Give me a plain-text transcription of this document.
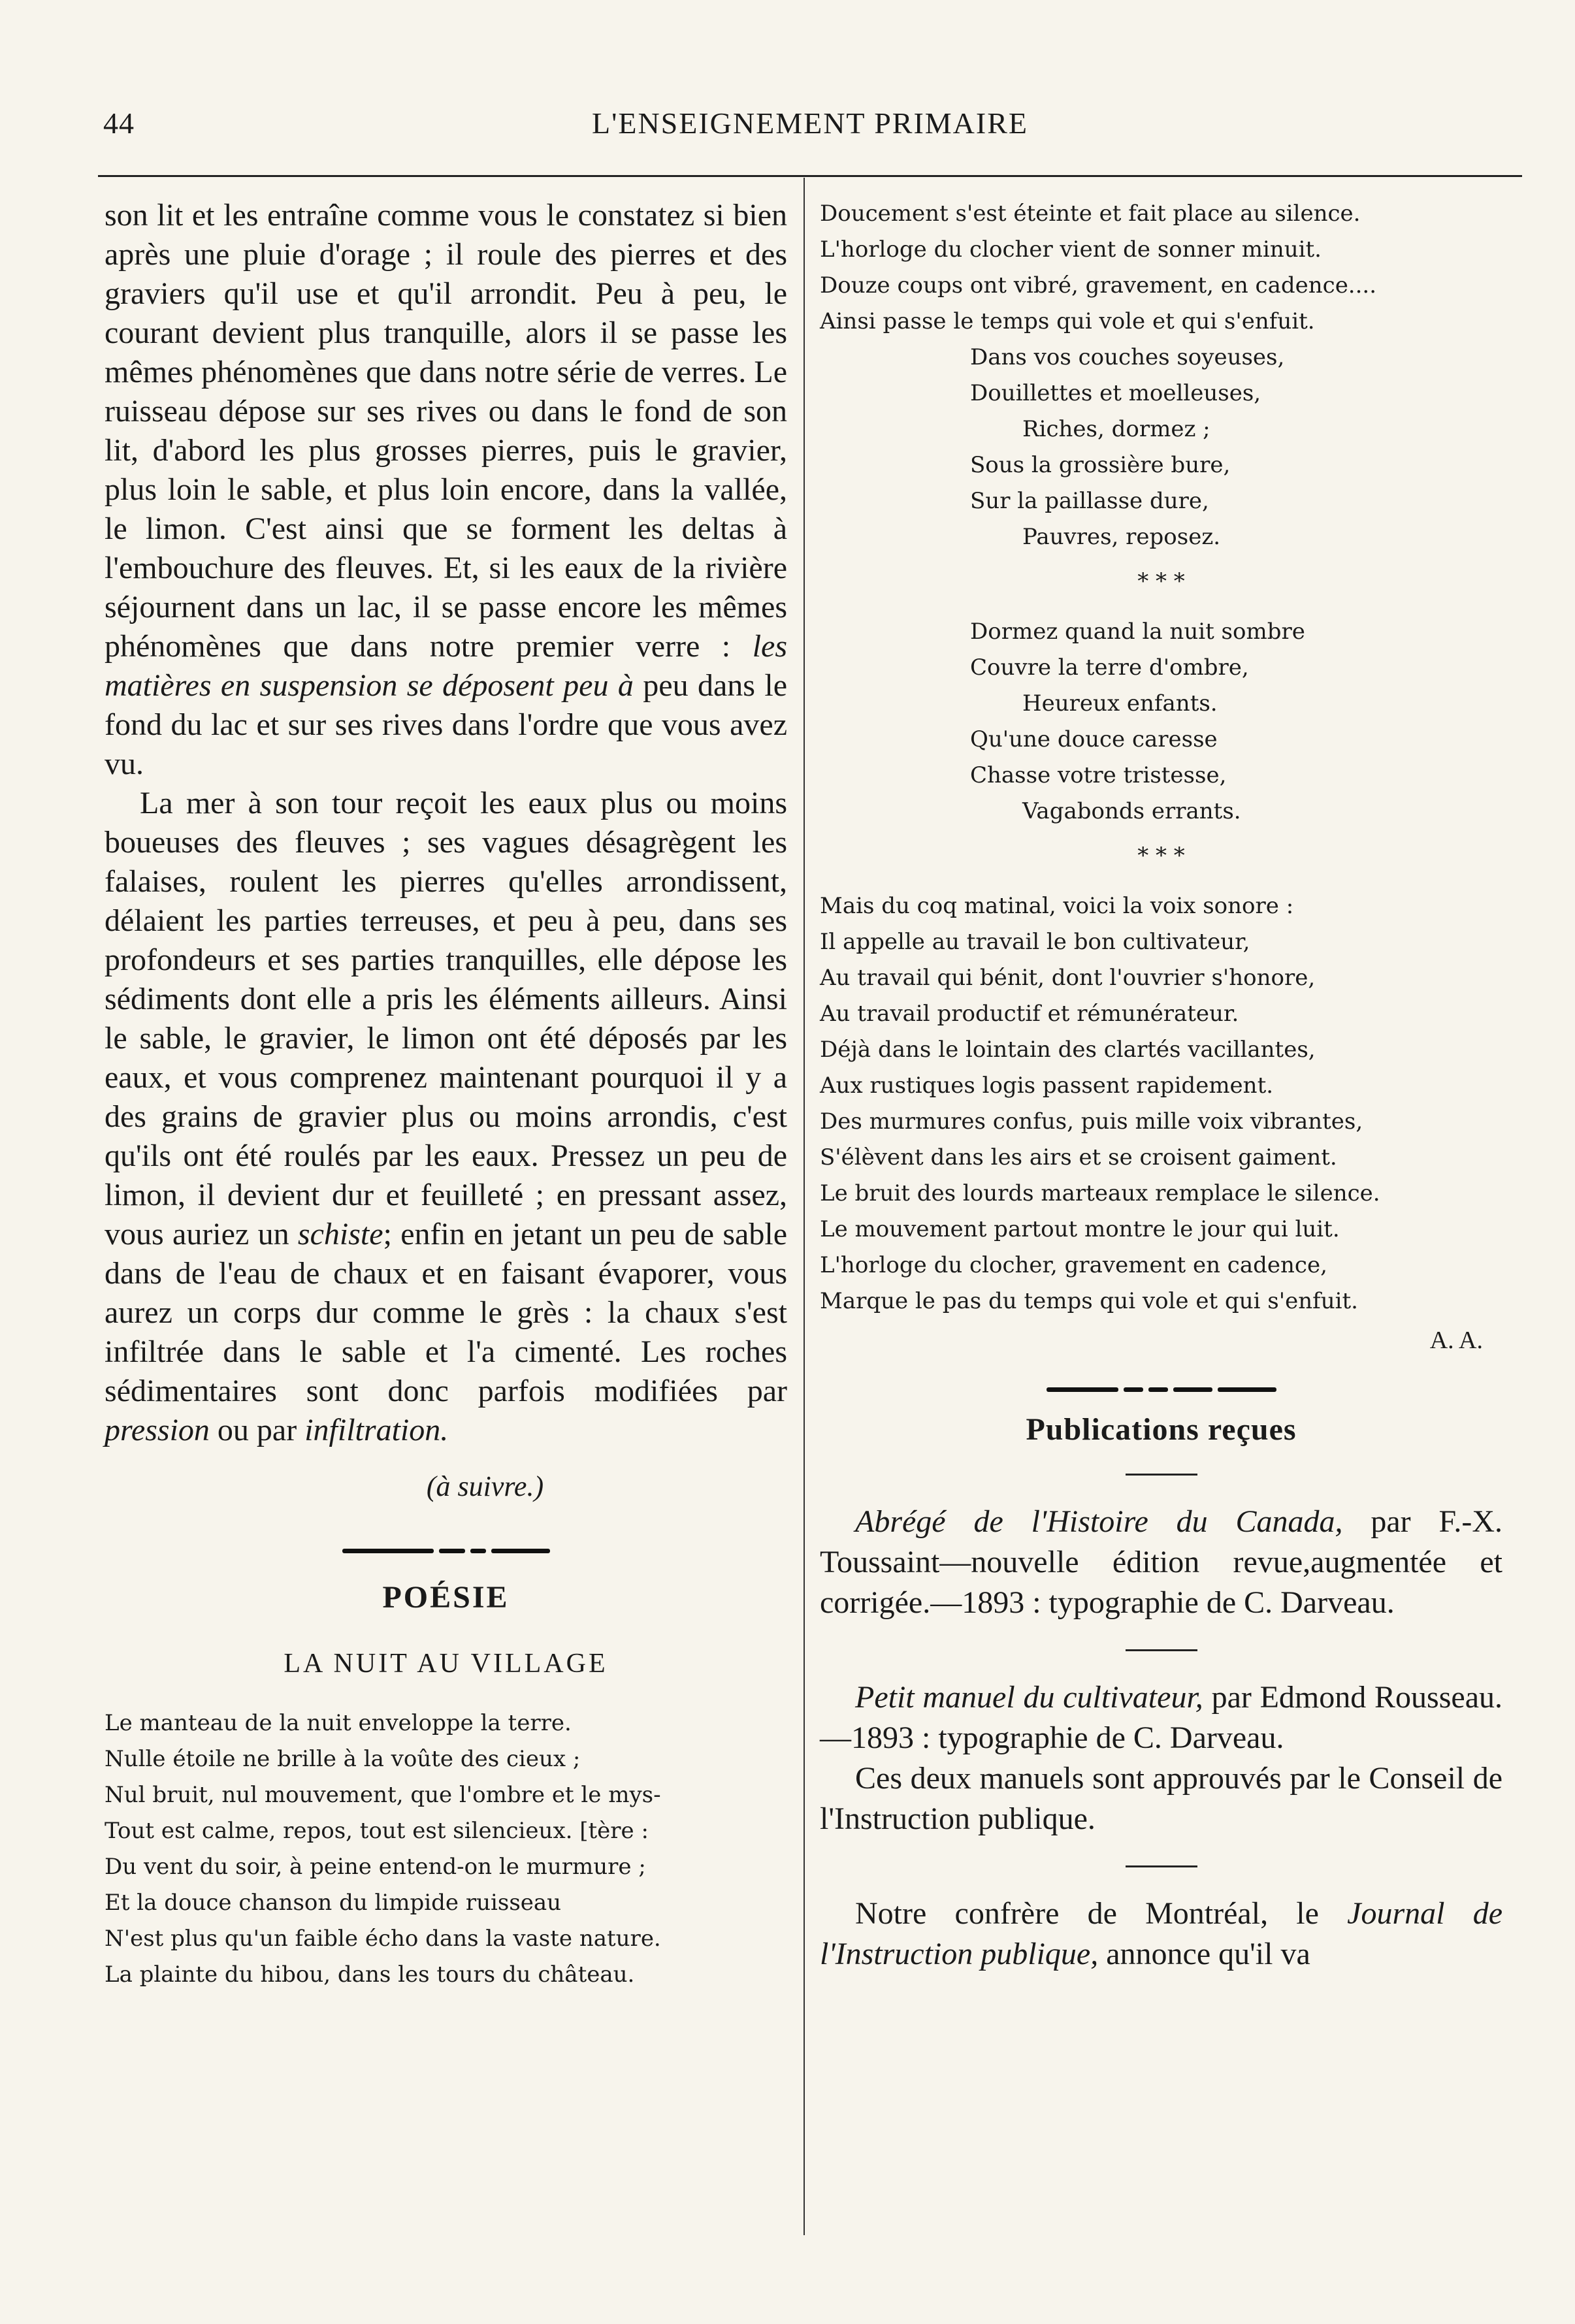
44	L'ENSEIGNEMENT PRIMAIRE

son lit et les entraîne comme vous le constatez si bien après une pluie d'orage ; il roule des pierres et des graviers qu'il use et qu'il arrondit. Peu à peu, le courant devient plus tranquille, alors il se passe les mêmes phénomènes que dans notre série de verres. Le ruisseau dépose sur ses rives ou dans le fond de son lit, d'abord les plus grosses pierres, puis le gravier, plus loin le sable, et plus loin encore, dans la vallée, le limon. C'est ainsi que se forment les deltas à l'embouchure des fleuves. Et, si les eaux de la rivière séjournent dans un lac, il se passe encore les mêmes phénomènes que dans notre premier verre : les matières en suspension se déposent peu à peu dans le fond du lac et sur ses rives dans l'ordre que vous avez vu.

La mer à son tour reçoit les eaux plus ou moins boueuses des fleuves ; ses vagues désagrègent les falaises, roulent les pierres qu'elles arrondissent, délaient les parties terreuses, et peu à peu, dans ses profondeurs et ses parties tranquilles, elle dépose les sédiments dont elle a pris les éléments ailleurs. Ainsi le sable, le gravier, le limon ont été déposés par les eaux, et vous comprenez maintenant pourquoi il y a des grains de gravier plus ou moins arrondis, c'est qu'ils ont été roulés par les eaux. Pressez un peu de limon, il devient dur et feuilleté ; en pressant assez, vous auriez un schiste; enfin en jetant un peu de sable dans de l'eau de chaux et en faisant évaporer, vous aurez un corps dur comme le grès : la chaux s'est infiltrée dans le sable et l'a cimenté. Les roches sédimentaires sont donc parfois modifiées par pression ou par infiltration.

(à suivre.)
POÉSIE
LA NUIT AU VILLAGE
Le manteau de la nuit enveloppe la terre.
Nulle étoile ne brille à la voûte des cieux ;
Nul bruit, nul mouvement, que l'ombre et le mys-
Tout est calme, repos, tout est silencieux. [tère :
Du vent du soir, à peine entend-on le murmure ;
Et la douce chanson du limpide ruisseau
N'est plus qu'un faible écho dans la vaste nature.
La plainte du hibou, dans les tours du château.
Doucement s'est éteinte et fait place au silence.
L'horloge du clocher vient de sonner minuit.
Douze coups ont vibré, gravement, en cadence....
Ainsi passe le temps qui vole et qui s'enfuit.
Dans vos couches soyeuses,
Douillettes et moelleuses,
Riches, dormez ;
Sous la grossière bure,
Sur la paillasse dure,
Pauvres, reposez.
* * *
Dormez quand la nuit sombre
Couvre la terre d'ombre,
Heureux enfants.
Qu'une douce caresse
Chasse votre tristesse,
Vagabonds errants.
* * *
Mais du coq matinal, voici la voix sonore :
Il appelle au travail le bon cultivateur,
Au travail qui bénit, dont l'ouvrier s'honore,
Au travail productif et rémunérateur.
Déjà dans le lointain des clartés vacillantes,
Aux rustiques logis passent rapidement.
Des murmures confus, puis mille voix vibrantes,
S'élèvent dans les airs et se croisent gaiment.
Le bruit des lourds marteaux remplace le silence.
Le mouvement partout montre le jour qui luit.
L'horloge du clocher, gravement en cadence,
Marque le pas du temps qui vole et qui s'enfuit.
A. A.
Publications reçues

Abrégé de l'Histoire du Canada, par F.-X. Toussaint—nouvelle édition revue,augmentée et corrigée.—1893 : typographie de C. Darveau.

Petit manuel du cultivateur, par Edmond Rousseau.—1893 : typographie de C. Darveau.

Ces deux manuels sont approuvés par le Conseil de l'Instruction publique.

Notre confrère de Montréal, le Journal de l'Instruction publique, annonce qu'il va
